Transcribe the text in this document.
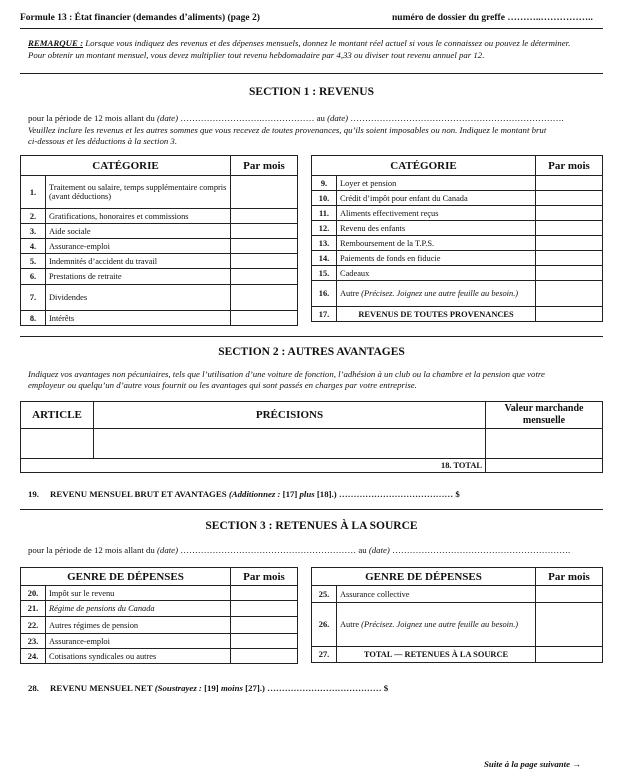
Formule 13 : État financier (demandes d’aliments) (page 2)	numéro de dossier du greffe ………..……………..
REMARQUE : Lorsque vous indiquez des revenus et des dépenses mensuels, donnez le montant réel actuel si vous le connaissez ou pouvez le déterminer.
Pour obtenir un montant mensuel, vous devez multiplier tout revenu hebdomadaire par 4,33 ou diviser tout revenu annuel par 12.
SECTION 1 : REVENUS
pour la période de 12 mois allant du (date) ……………………….……………… au (date) ……………………………………………………………….
Veuillez inclure les revenus et les autres sommes que vous recevez de toutes provenances, qu’ils soient imposables ou non. Indiquez le montant brut
ci-dessous et les déductions à la section 3.
CATÉGORIE		Par mois
1.	Traitement ou salaire, temps supplémentaire compris (avant déductions)	
2.	Gratifications, honoraires et commissions	
3.	Aide sociale	
4.	Assurance-emploi	
5.	Indemnités d’accident du travail	
6.	Prestations de retraite	
7.	Dividendes	
8.	Intérêts	
CATÉGORIE		Par mois
9.	Loyer et pension	
10.	Crédit d’impôt pour enfant du Canada	
11.	Aliments effectivement reçus	
12.	Revenu des enfants	
13.	Remboursement de la T.P.S.	
14.	Paiements de fonds en fiducie	
15.	Cadeaux	
16.	Autre (Précisez. Joignez une autre feuille au besoin.)	
17.	REVENUS DE TOUTES PROVENANCES	
SECTION 2 : AUTRES AVANTAGES
Indiquez vos avantages non pécuniaires, tels que l’utilisation d’une voiture de fonction, l’adhésion à un club ou la chambre et la pension que votre
employeur ou quelqu’un d’autre vous fournit ou les avantages qui sont passés en charges par votre entreprise.
ARTICLE	PRÉCISIONS	Valeur marchande mensuelle

18. TOTAL		
19. REVENU MENSUEL BRUT ET AVANTAGES (Additionnez : [17] plus [18].) ………………………………… $
SECTION 3 : RETENUES À LA SOURCE
pour la période de 12 mois allant du (date) …………………………………………………… au (date) …………………………………………………….
GENRE DE DÉPENSES		Par mois
20.	Impôt sur le revenu	
21.	Régime de pensions du Canada	
22.	Autres régimes de pension	
23.	Assurance-emploi	
24.	Cotisations syndicales ou autres	
GENRE DE DÉPENSES		Par mois
25.	Assurance collective	
26.	Autre (Précisez. Joignez une autre feuille au besoin.)	
27.	TOTAL — RETENUES À LA SOURCE	
28. REVENU MENSUEL NET (Soustrayez : [19] moins [27].) ………………………………… $
Suite à la page suivante →
